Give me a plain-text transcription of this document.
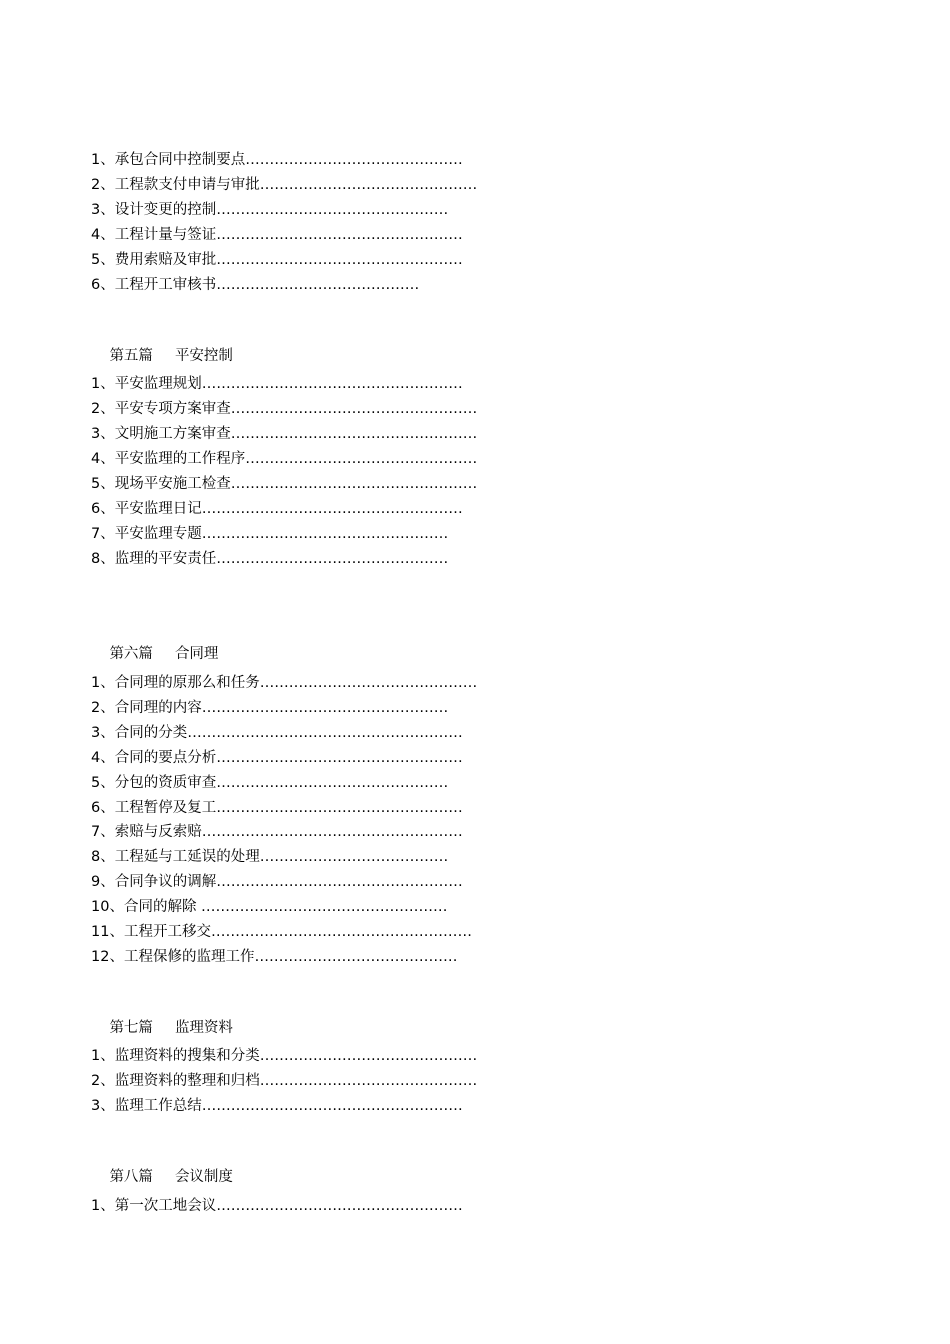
1、承包合同中控制要点………………………………………
2、工程款支付申请与审批………………………………………
3、设计变更的控制…………………………………………
4、工程计量与签证……………………………………………
5、费用索赔及审批……………………………………………
6、工程开工审核书……………………………………

第五篇 平安控制

1、平安监理规划………………………………………………
2、平安专项方案审查……………………………………………
3、文明施工方案审查……………………………………………
4、平安监理的工作程序…………………………………………
5、现场平安施工检查……………………………………………
6、平安监理日记………………………………………………
7、平安监理专题……………………………………………
8、监理的平安责任…………………………………………

第六篇 合同理

1、合同理的原那么和任务………………………………………
2、合同理的内容……………………………………………
3、合同的分类…………………………………………………
4、合同的要点分析……………………………………………
5、分包的资质审查…………………………………………
6、工程暂停及复工……………………………………………
7、索赔与反索赔………………………………………………
8、工程延与工延误的处理…………………………………
9、合同争议的调解……………………………………………
10、合同的解除 ……………………………………………
11、工程开工移交………………………………………………
12、工程保修的监理工作……………………………………

第七篇 监理资料

1、监理资料的搜集和分类………………………………………
2、监理资料的整理和归档………………………………………
3、监理工作总结………………………………………………

第八篇 会议制度

1、第一次工地会议……………………………………………
